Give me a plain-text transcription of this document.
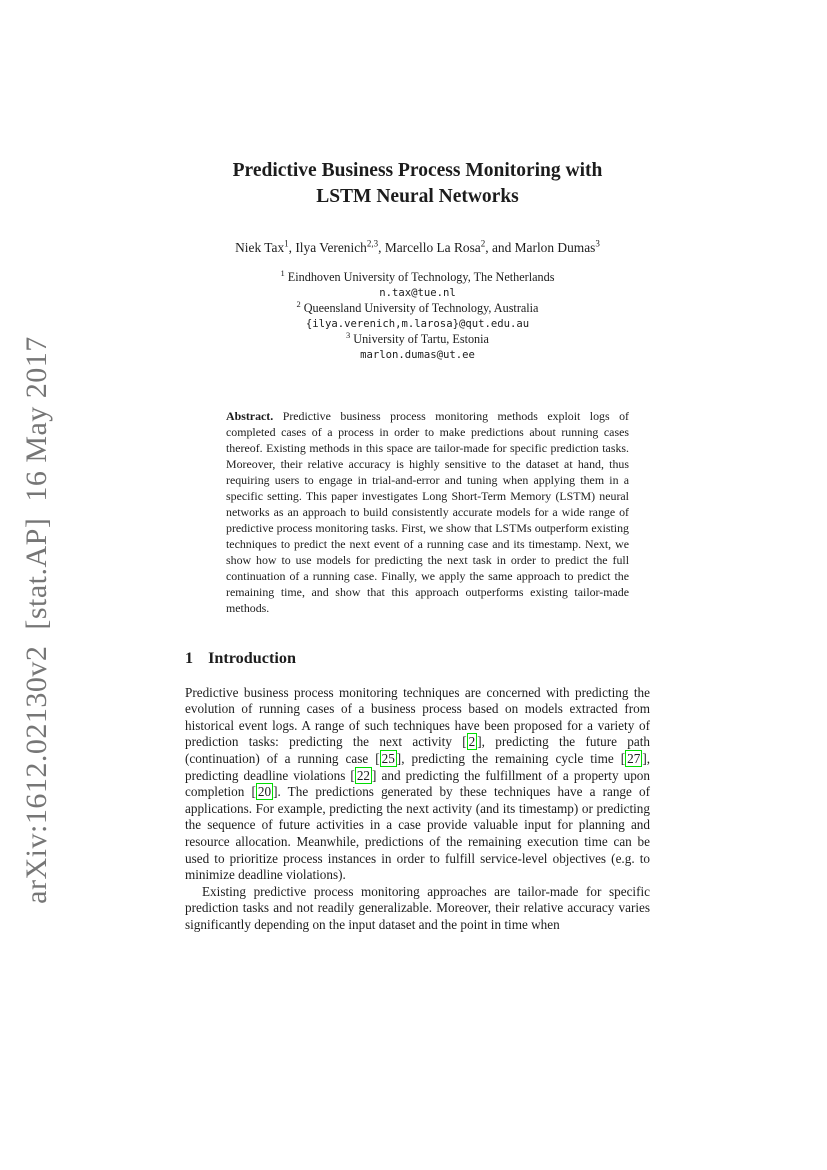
arXiv:1612.02130v2  [stat.AP]  16 May 2017
Predictive Business Process Monitoring with
LSTM Neural Networks
Niek Tax$^1$, Ilya Verenich$^{2,3}$, Marcello La Rosa$^2$, and Marlon Dumas$^3$
$^1$ Eindhoven University of Technology, The Netherlands
n.tax@tue.nl
$^2$ Queensland University of Technology, Australia
{ilya.verenich,m.larosa}@qut.edu.au
$^3$ University of Tartu, Estonia
marlon.dumas@ut.ee
Abstract. Predictive business process monitoring methods exploit logs of completed cases of a process in order to make predictions about running cases thereof. Existing methods in this space are tailor-made for specific prediction tasks. Moreover, their relative accuracy is highly sensitive to the dataset at hand, thus requiring users to engage in trial-and-error and tuning when applying them in a specific setting. This paper investigates Long Short-Term Memory (LSTM) neural networks as an approach to build consistently accurate models for a wide range of predictive process monitoring tasks. First, we show that LSTMs outperform existing techniques to predict the next event of a running case and its timestamp. Next, we show how to use models for predicting the next task in order to predict the full continuation of a running case. Finally, we apply the same approach to predict the remaining time, and show that this approach outperforms existing tailor-made methods.
1 Introduction
Predictive business process monitoring techniques are concerned with predicting the evolution of running cases of a business process based on models extracted from historical event logs. A range of such techniques have been proposed for a variety of prediction tasks: predicting the next activity [ 2 ], predicting the future path (continuation) of a running case [ 25 ], predicting the remaining cycle time [ 27 ], predicting deadline violations [ 22 ] and predicting the fulfillment of a property upon completion [ 20 ]. The predictions generated by these techniques have a range of applications. For example, predicting the next activity (and its timestamp) or predicting the sequence of future activities in a case provide valuable input for planning and resource allocation. Meanwhile, predictions of the remaining execution time can be used to prioritize process instances in order to fulfill service-level objectives (e.g. to minimize deadline violations).
Existing predictive process monitoring approaches are tailor-made for specific prediction tasks and not readily generalizable. Moreover, their relative accuracy varies significantly depending on the input dataset and the point in time when
